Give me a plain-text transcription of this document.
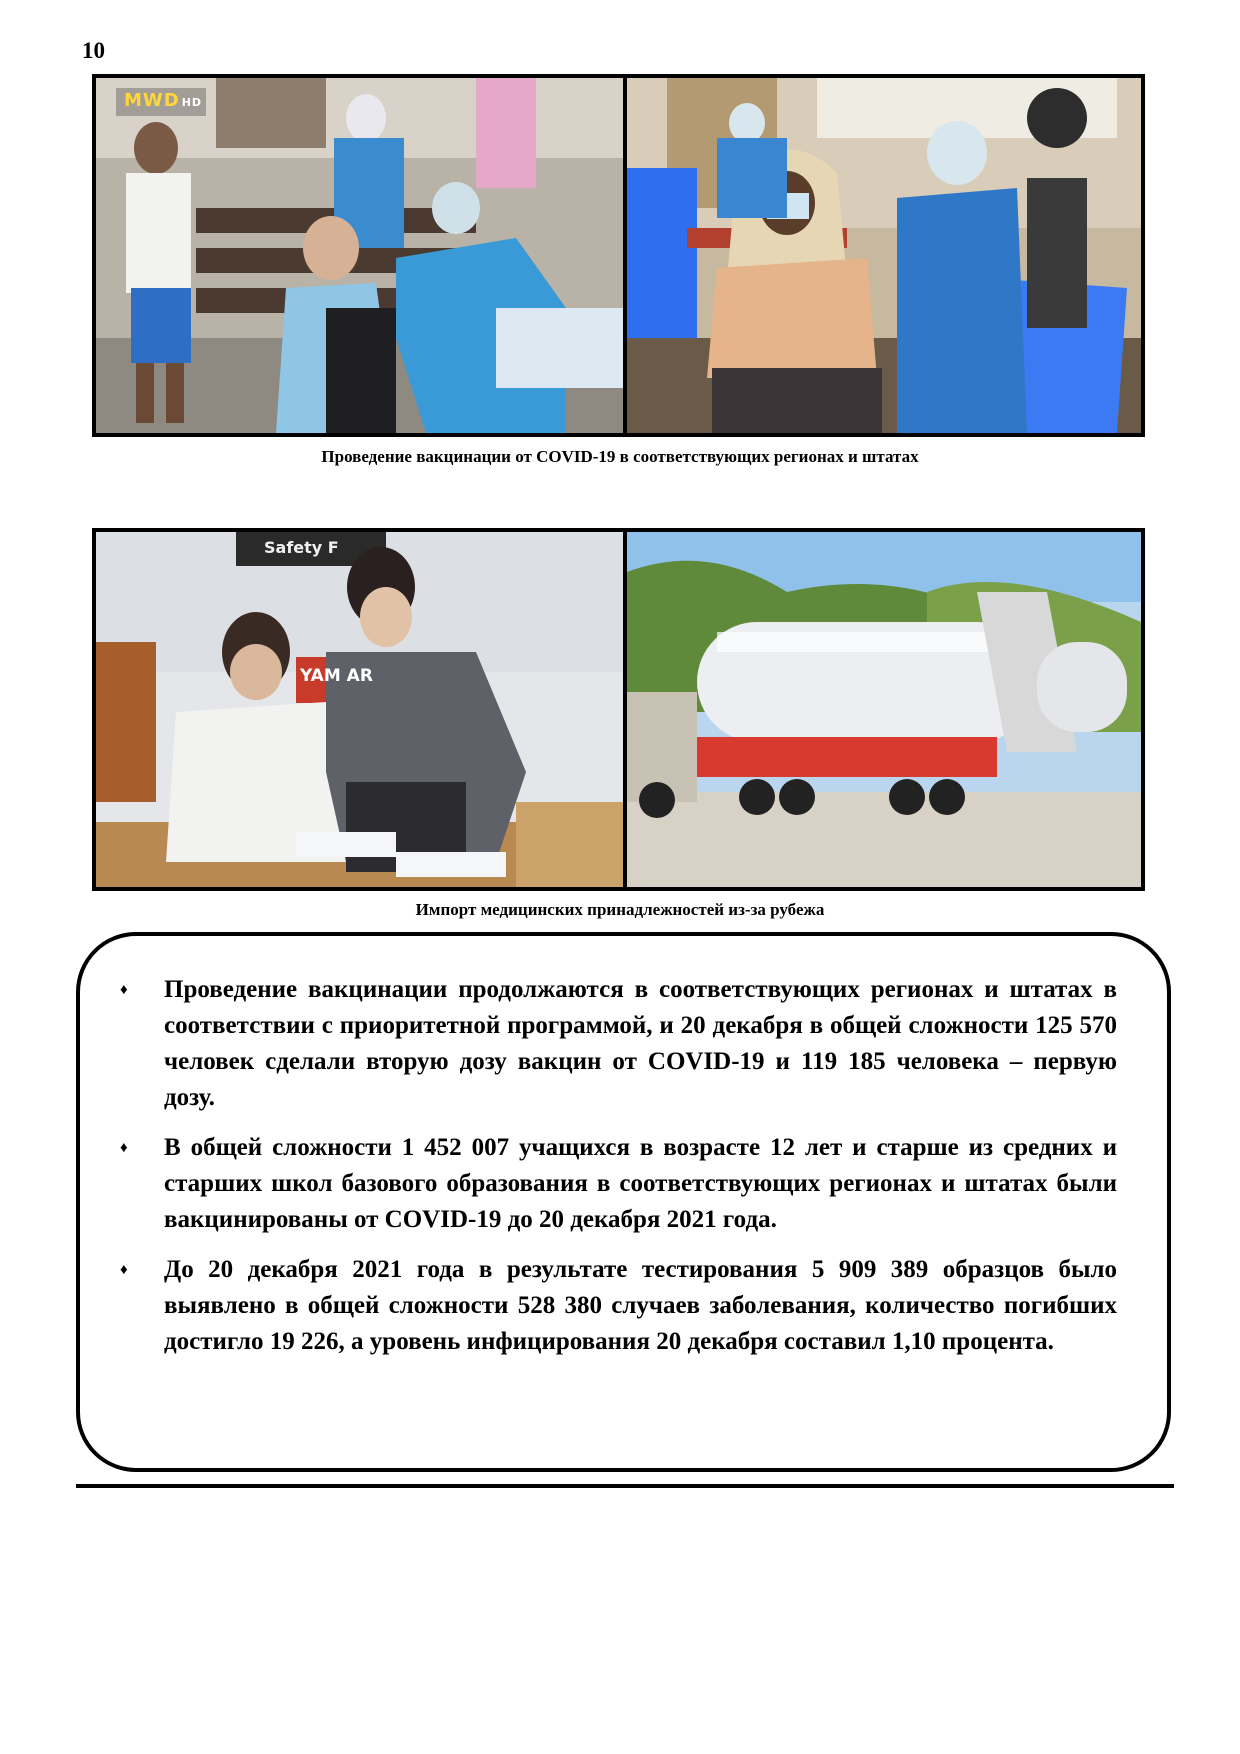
10
MWD HD
Проведение вакцинации от COVID-19 в соответствующих регионах и штатах
Safety F
YAM AR
Импорт медицинских принадлежностей из-за рубежа
♦	Проведение вакцинации продолжаются в соответствующих регионах и штатах в соответствии с приоритетной программой, и 20 декабря в общей сложности 125 570 человек сделали вторую дозу вакцин от COVID-19 и 119 185 человека – первую дозу.
♦	В общей сложности 1 452 007 учащихся в возрасте 12 лет и старше из средних и старших школ базового образования в соответствующих регионах и штатах были вакцинированы от COVID-19 до 20 декабря 2021 года.
♦	До 20 декабря 2021 года в результате тестирования 5 909 389 образцов было выявлено в общей сложности 528 380 случаев заболевания, количество погибших достигло 19 226, а уровень инфицирования 20 декабря составил 1,10 процента.
